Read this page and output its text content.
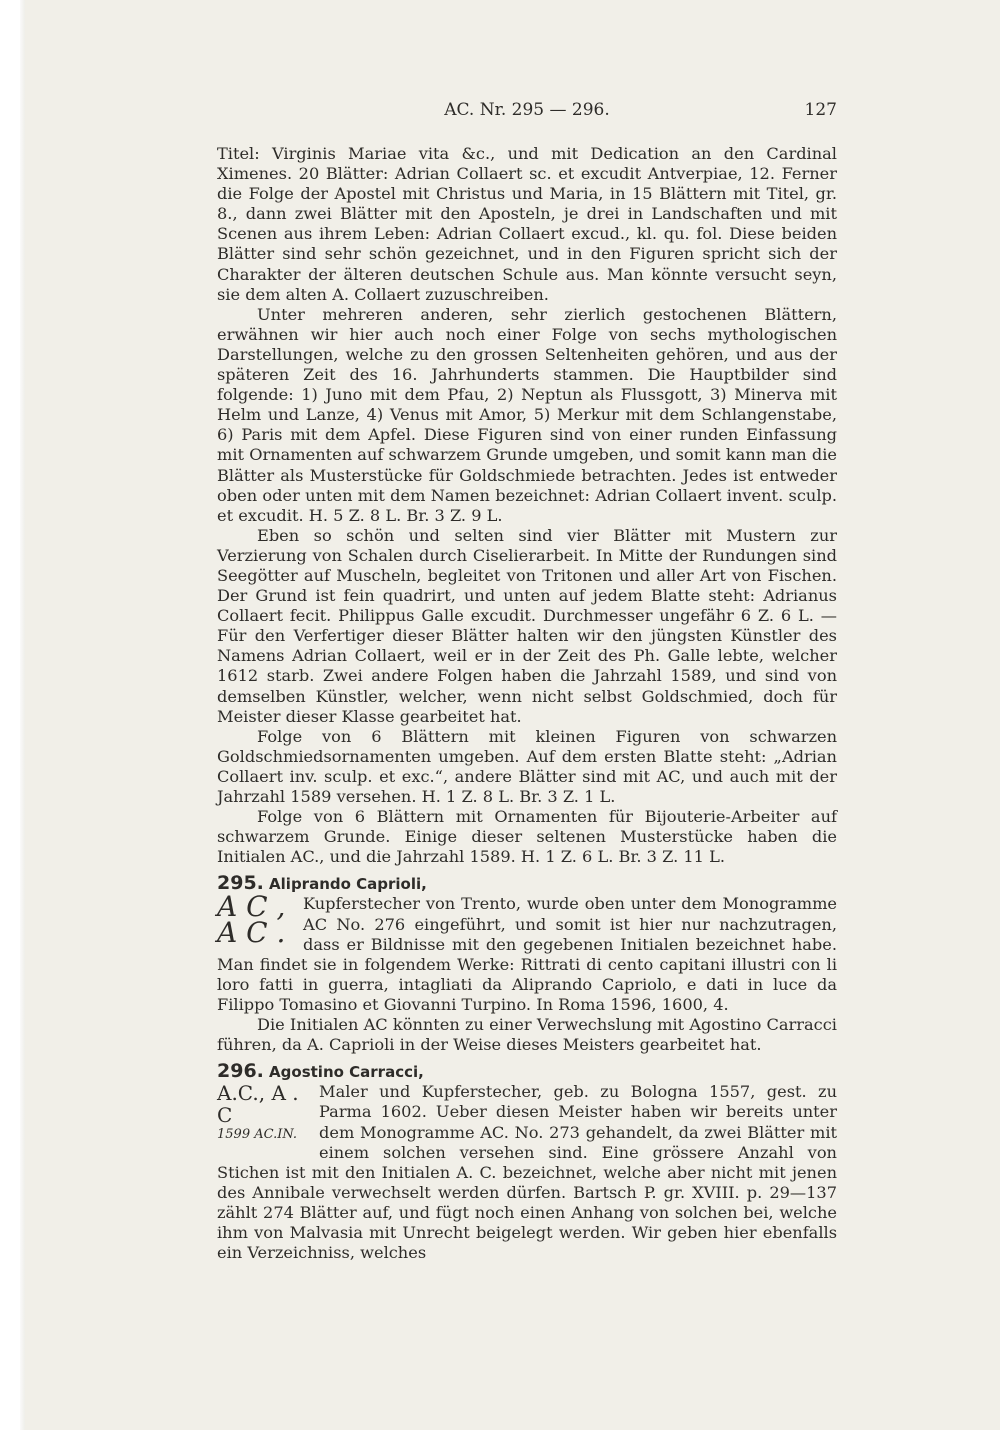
AC. Nr. 295 — 296.	127

Titel: Virginis Mariae vita &c., und mit Dedication an den Cardinal Ximenes. 20 Blätter: Adrian Collaert sc. et excudit Antverpiae, 12. Ferner die Folge der Apostel mit Christus und Maria, in 15 Blättern mit Titel, gr. 8., dann zwei Blätter mit den Aposteln, je drei in Landschaften und mit Scenen aus ihrem Leben: Adrian Collaert excud., kl. qu. fol. Diese beiden Blätter sind sehr schön gezeichnet, und in den Figuren spricht sich der Charakter der älteren deutschen Schule aus. Man könnte versucht seyn, sie dem alten A. Collaert zuzuschreiben.

Unter mehreren anderen, sehr zierlich gestochenen Blättern, erwähnen wir hier auch noch einer Folge von sechs mythologischen Darstellungen, welche zu den grossen Seltenheiten gehören, und aus der späteren Zeit des 16. Jahrhunderts stammen. Die Hauptbilder sind folgende: 1) Juno mit dem Pfau, 2) Neptun als Flussgott, 3) Minerva mit Helm und Lanze, 4) Venus mit Amor, 5) Merkur mit dem Schlangenstabe, 6) Paris mit dem Apfel. Diese Figuren sind von einer runden Einfassung mit Ornamenten auf schwarzem Grunde umgeben, und somit kann man die Blätter als Musterstücke für Goldschmiede betrachten. Jedes ist entweder oben oder unten mit dem Namen bezeichnet: Adrian Collaert invent. sculp. et excudit. H. 5 Z. 8 L. Br. 3 Z. 9 L.

Eben so schön und selten sind vier Blätter mit Mustern zur Verzierung von Schalen durch Ciselierarbeit. In Mitte der Rundungen sind Seegötter auf Muscheln, begleitet von Tritonen und aller Art von Fischen. Der Grund ist fein quadrirt, und unten auf jedem Blatte steht: Adrianus Collaert fecit. Philippus Galle excudit. Durchmesser ungefähr 6 Z. 6 L. — Für den Verfertiger dieser Blätter halten wir den jüngsten Künstler des Namens Adrian Collaert, weil er in der Zeit des Ph. Galle lebte, welcher 1612 starb. Zwei andere Folgen haben die Jahrzahl 1589, und sind von demselben Künstler, welcher, wenn nicht selbst Goldschmied, doch für Meister dieser Klasse gearbeitet hat.

Folge von 6 Blättern mit kleinen Figuren von schwarzen Goldschmiedsornamenten umgeben. Auf dem ersten Blatte steht: „Adrian Collaert inv. sculp. et exc.“, andere Blätter sind mit AC, und auch mit der Jahrzahl 1589 versehen. H. 1 Z. 8 L. Br. 3 Z. 1 L.

Folge von 6 Blättern mit Ornamenten für Bijouterie-Arbeiter auf schwarzem Grunde. Einige dieser seltenen Musterstücke haben die Initialen AC., und die Jahrzahl 1589. H. 1 Z. 6 L. Br. 3 Z. 11 L.

295. Aliprando Caprioli,

A C , A C .

Kupferstecher von Trento, wurde oben unter dem Monogramme AC No. 276 eingeführt, und somit ist hier nur nachzutragen, dass er Bildnisse mit den gegebenen Initialen bezeichnet habe. Man findet sie in folgendem Werke: Rittrati di cento capitani illustri con li loro fatti in guerra, intagliati da Aliprando Capriolo, e dati in luce da Filippo Tomasino et Giovanni Turpino. In Roma 1596, 1600, 4.

Die Initialen AC könnten zu einer Verwechslung mit Agostino Carracci führen, da A. Caprioli in der Weise dieses Meisters gearbeitet hat.

296. Agostino Carracci,

A.C., A . C
1599 AC.IN.

Maler und Kupferstecher, geb. zu Bologna 1557, gest. zu Parma 1602. Ueber diesen Meister haben wir bereits unter dem Monogramme AC. No. 273 gehandelt, da zwei Blätter mit einem solchen versehen sind. Eine grössere Anzahl von Stichen ist mit den Initialen A. C. bezeichnet, welche aber nicht mit jenen des Annibale verwechselt werden dürfen. Bartsch P. gr. XVIII. p. 29—137 zählt 274 Blätter auf, und fügt noch einen Anhang von solchen bei, welche ihm von Malvasia mit Unrecht beigelegt werden. Wir geben hier ebenfalls ein Verzeichniss, welches
